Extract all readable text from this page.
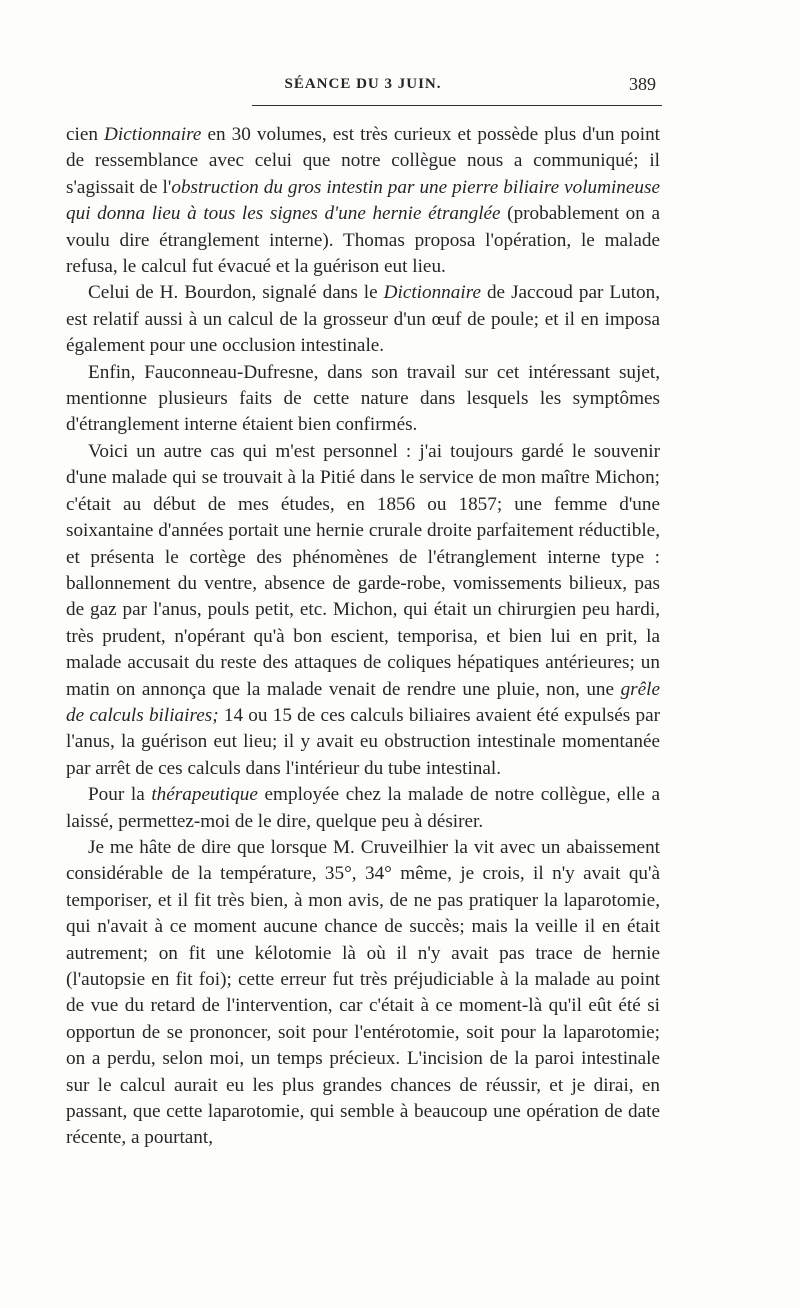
SÉANCE DU 3 JUIN.	389

cien Dictionnaire en 30 volumes, est très curieux et possède plus d'un point de ressemblance avec celui que notre collègue nous a communiqué; il s'agissait de l'obstruction du gros intestin par une pierre biliaire volumineuse qui donna lieu à tous les signes d'une hernie étranglée (probablement on a voulu dire étranglement interne). Thomas proposa l'opération, le malade refusa, le calcul fut évacué et la guérison eut lieu.

Celui de H. Bourdon, signalé dans le Dictionnaire de Jaccoud par Luton, est relatif aussi à un calcul de la grosseur d'un œuf de poule; et il en imposa également pour une occlusion intestinale.

Enfin, Fauconneau-Dufresne, dans son travail sur cet intéressant sujet, mentionne plusieurs faits de cette nature dans lesquels les symptômes d'étranglement interne étaient bien confirmés.

Voici un autre cas qui m'est personnel : j'ai toujours gardé le souvenir d'une malade qui se trouvait à la Pitié dans le service de mon maître Michon; c'était au début de mes études, en 1856 ou 1857; une femme d'une soixantaine d'années portait une hernie crurale droite parfaitement réductible, et présenta le cortège des phénomènes de l'étranglement interne type : ballonnement du ventre, absence de garde-robe, vomissements bilieux, pas de gaz par l'anus, pouls petit, etc. Michon, qui était un chirurgien peu hardi, très prudent, n'opérant qu'à bon escient, temporisa, et bien lui en prit, la malade accusait du reste des attaques de coliques hépatiques antérieures; un matin on annonça que la malade venait de rendre une pluie, non, une grêle de calculs biliaires; 14 ou 15 de ces calculs biliaires avaient été expulsés par l'anus, la guérison eut lieu; il y avait eu obstruction intestinale momentanée par arrêt de ces calculs dans l'intérieur du tube intestinal.

Pour la thérapeutique employée chez la malade de notre collègue, elle a laissé, permettez-moi de le dire, quelque peu à désirer.

Je me hâte de dire que lorsque M. Cruveilhier la vit avec un abaissement considérable de la température, 35°, 34° même, je crois, il n'y avait qu'à temporiser, et il fit très bien, à mon avis, de ne pas pratiquer la laparotomie, qui n'avait à ce moment aucune chance de succès; mais la veille il en était autrement; on fit une kélotomie là où il n'y avait pas trace de hernie (l'autopsie en fit foi); cette erreur fut très préjudiciable à la malade au point de vue du retard de l'intervention, car c'était à ce moment-là qu'il eût été si opportun de se prononcer, soit pour l'entérotomie, soit pour la laparotomie; on a perdu, selon moi, un temps précieux. L'incision de la paroi intestinale sur le calcul aurait eu les plus grandes chances de réussir, et je dirai, en passant, que cette laparotomie, qui semble à beaucoup une opération de date récente, a pourtant,
